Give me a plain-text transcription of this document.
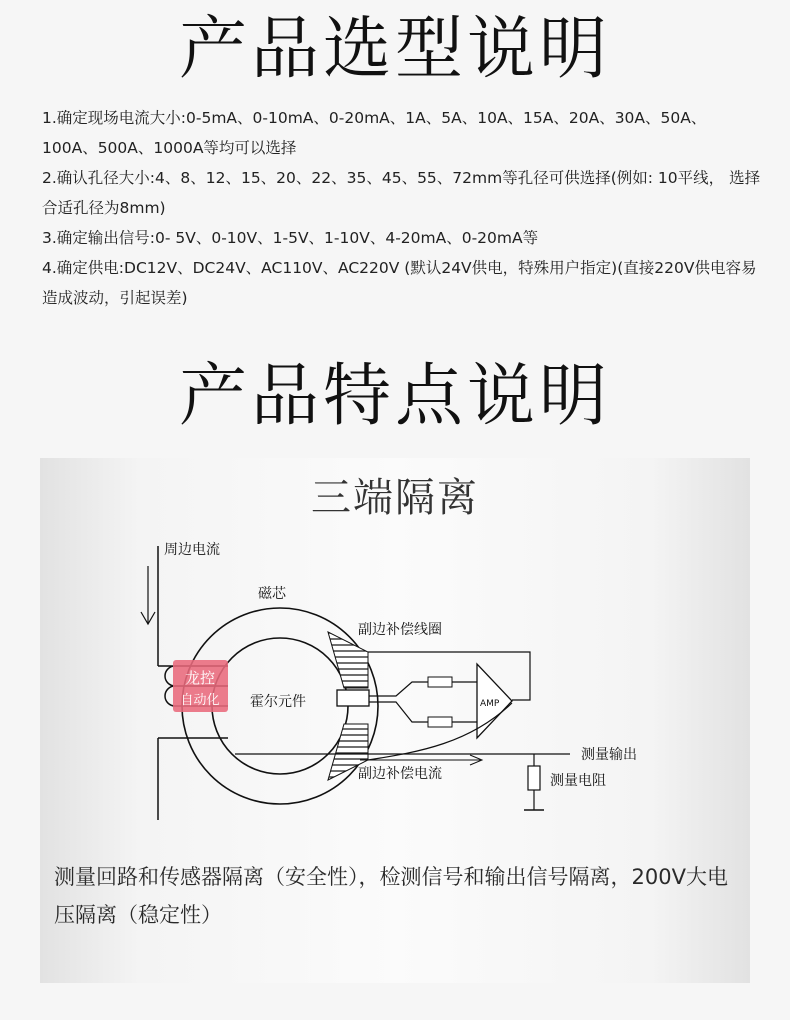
产品选型说明

1.确定现场电流大小:0-5mA、0-10mA、0-20mA、1A、5A、10A、15A、20A、30A、50A、100A、500A、1000A等均可以选择

2.确认孔径大小:4、8、12、15、20、22、35、45、55、72mm等孔径可供选择(例如: 10平线， 选择合适孔径为8mm)

3.确定输出信号:0- 5V、0-10V、1-5V、1-10V、4-20mA、0-20mA等

4.确定供电:DC12V、DC24V、AC110V、AC220V (默认24V供电，特殊用户指定)(直接220V供电容易造成波动，引起误差)

产品特点说明
三端隔离
周边电流
磁芯
霍尔元件
副边补偿线圈
AMP
测量输出
副边补偿电流	测量电阻
龙控
自动化
测量回路和传感器隔离（安全性），检测信号和输出信号隔离，200V大电压隔离（稳定性）
